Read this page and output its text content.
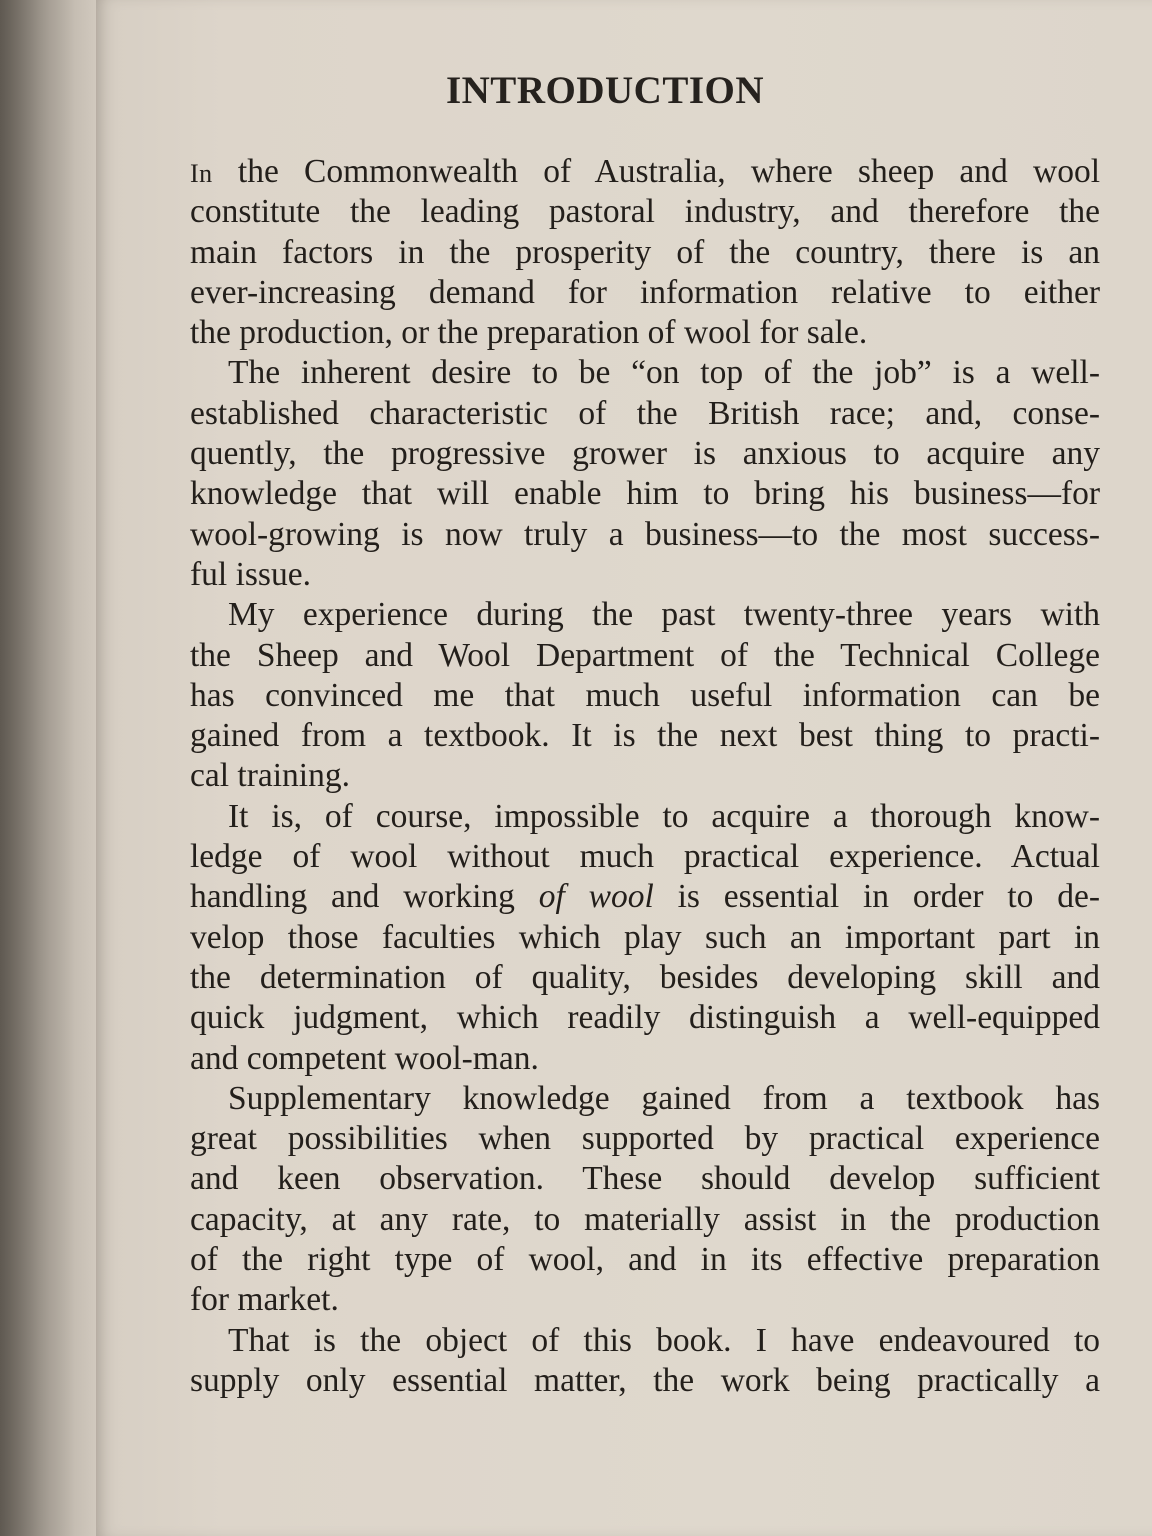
INTRODUCTION
In the Commonwealth of Australia, where sheep and wool
constitute the leading pastoral industry, and therefore the
main factors in the prosperity of the country, there is an
ever-increasing demand for information relative to either
the production, or the preparation of wool for sale.
The inherent desire to be “on top of the job” is a well-
established characteristic of the British race; and, conse-
quently, the progressive grower is anxious to acquire any
knowledge that will enable him to bring his business—for
wool-growing is now truly a business—to the most success-
ful issue.
My experience during the past twenty-three years with
the Sheep and Wool Department of the Technical College
has convinced me that much useful information can be
gained from a textbook. It is the next best thing to practi-
cal training.
It is, of course, impossible to acquire a thorough know-
ledge of wool without much practical experience. Actual
handling and working of wool is essential in order to de-
velop those faculties which play such an important part in
the determination of quality, besides developing skill and
quick judgment, which readily distinguish a well-equipped
and competent wool-man.
Supplementary knowledge gained from a textbook has
great possibilities when supported by practical experience
and keen observation. These should develop sufficient
capacity, at any rate, to materially assist in the production
of the right type of wool, and in its effective preparation
for market.
That is the object of this book. I have endeavoured to
supply only essential matter, the work being practically a
